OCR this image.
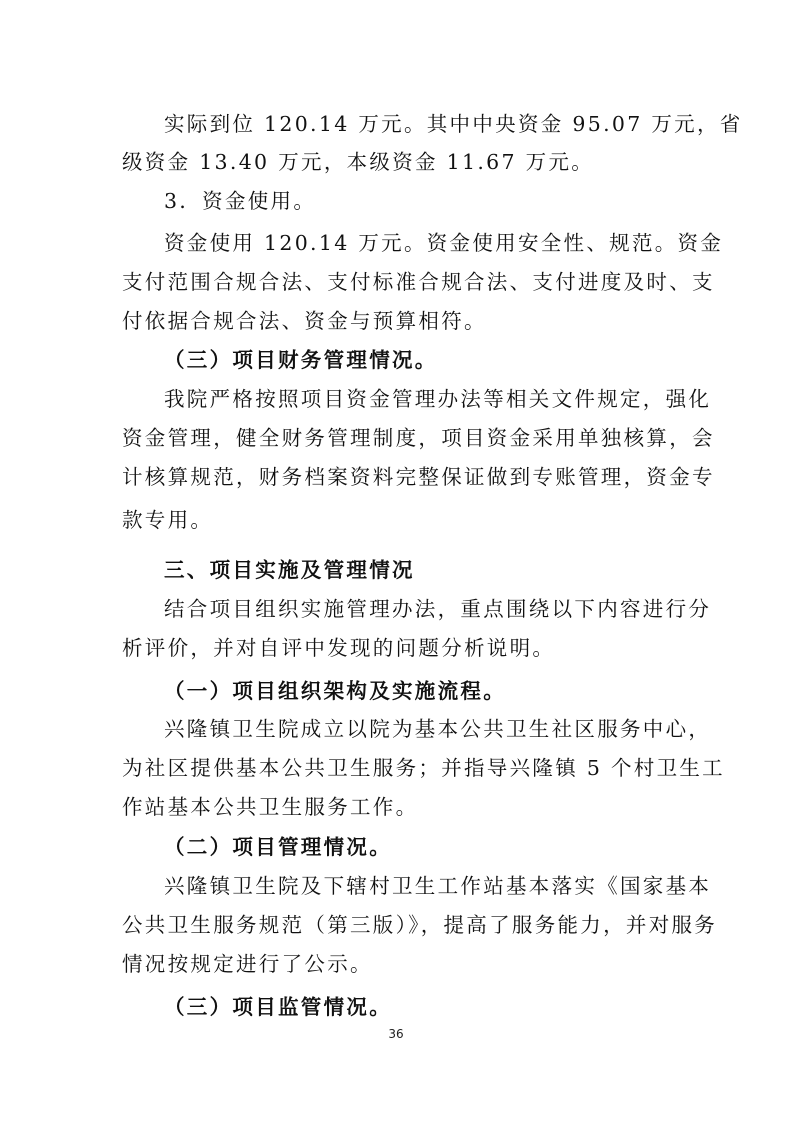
实际到位 120.14 万元。其中中央资金 95.07 万元，省
级资金 13.40 万元，本级资金 11.67 万元。
3．资金使用。
资金使用 120.14 万元。资金使用安全性、规范。资金
支付范围合规合法、支付标准合规合法、支付进度及时、支
付依据合规合法、资金与预算相符。
（三）项目财务管理情况。
我院严格按照项目资金管理办法等相关文件规定，强化
资金管理，健全财务管理制度，项目资金采用单独核算，会
计核算规范，财务档案资料完整保证做到专账管理，资金专
款专用。
三、项目实施及管理情况
结合项目组织实施管理办法，重点围绕以下内容进行分
析评价，并对自评中发现的问题分析说明。
（一）项目组织架构及实施流程。
兴隆镇卫生院成立以院为基本公共卫生社区服务中心，
为社区提供基本公共卫生服务；并指导兴隆镇 5 个村卫生工
作站基本公共卫生服务工作。
（二）项目管理情况。
兴隆镇卫生院及下辖村卫生工作站基本落实《国家基本
公共卫生服务规范（第三版）》，提高了服务能力，并对服务
情况按规定进行了公示。
（三）项目监管情况。
36
